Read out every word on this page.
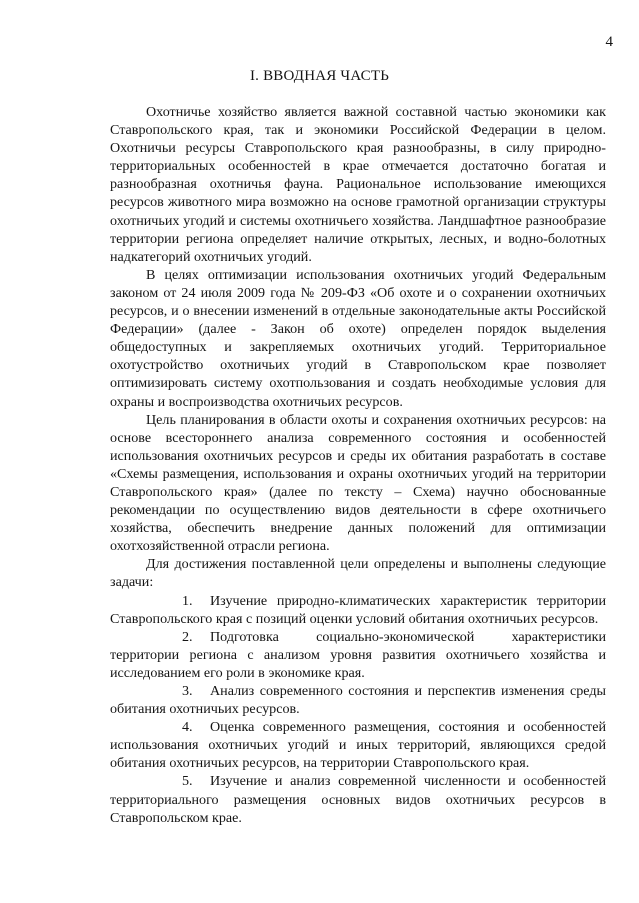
4
I. ВВОДНАЯ ЧАСТЬ

Охотничье хозяйство является важной составной частью экономики как Ставропольского края, так и экономики Российской Федерации в целом. Охотничьи ресурсы Ставропольского края разнообразны, в силу природно-территориальных особенностей в крае отмечается достаточно богатая и разнообразная охотничья фауна. Рациональное использование имеющихся ресурсов животного мира возможно на основе грамотной организации структуры охотничьих угодий и системы охотничьего хозяйства. Ландшафтное разнообразие территории региона определяет наличие открытых, лесных, и водно-болотных надкатегорий охотничьих угодий.

В целях оптимизации использования охотничьих угодий Федеральным законом от 24 июля 2009 года № 209-ФЗ «Об охоте и о сохранении охотничьих ресурсов, и о внесении изменений в отдельные законодательные акты Российской Федерации» (далее - Закон об охоте) определен порядок выделения общедоступных и закрепляемых охотничьих угодий. Территориальное охотустройство охотничьих угодий в Ставропольском крае позволяет оптимизировать систему охотпользования и создать необходимые условия для охраны и воспроизводства охотничьих ресурсов.

Цель планирования в области охоты и сохранения охотничьих ресурсов: на основе всестороннего анализа современного состояния и особенностей использования охотничьих ресурсов и среды их обитания разработать в составе «Схемы размещения, использования и охраны охотничьих угодий на территории Ставропольского края» (далее по тексту – Схема) научно обоснованные рекомендации по осуществлению видов деятельности в сфере охотничьего хозяйства, обеспечить внедрение данных положений для оптимизации охотхозяйственной отрасли региона.

Для достижения поставленной цели определены и выполнены следующие задачи:

1. Изучение природно-климатических характеристик территории Ставропольского края с позиций оценки условий обитания охотничьих ресурсов.

2. Подготовка социально-экономической характеристики территории региона с анализом уровня развития охотничьего хозяйства и исследованием его роли в экономике края.

3. Анализ современного состояния и перспектив изменения среды обитания охотничьих ресурсов.

4. Оценка современного размещения, состояния и особенностей использования охотничьих угодий и иных территорий, являющихся средой обитания охотничьих ресурсов, на территории Ставропольского края.

5. Изучение и анализ современной численности и особенностей территориального размещения основных видов охотничьих ресурсов в Ставропольском крае.
